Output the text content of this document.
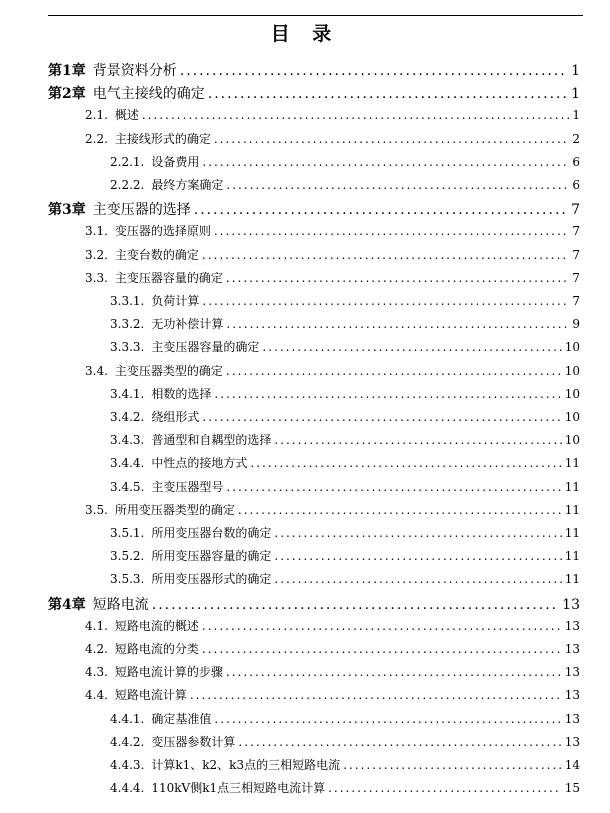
目 录
第1章 背景资料分析 .....	1
第2章 电气主接线的确定 .....	1
2.1. 概述 .....	1
2.2. 主接线形式的确定 .....	2
2.2.1. 设备费用 .....	6
2.2.2. 最终方案确定 .....	6
第3章 主变压器的选择 .....	7
3.1. 变压器的选择原则 .....	7
3.2. 主变台数的确定 .....	7
3.3. 主变压器容量的确定 .....	7
3.3.1. 负荷计算 .....	7
3.3.2. 无功补偿计算 .....	9
3.3.3. 主变压器容量的确定 .....	10
3.4. 主变压器类型的确定 .....	10
3.4.1. 相数的选择 .....	10
3.4.2. 绕组形式 .....	10
3.4.3. 普通型和自耦型的选择 .....	10
3.4.4. 中性点的接地方式 .....	11
3.4.5. 主变压器型号 .....	11
3.5. 所用变压器类型的确定 .....	11
3.5.1. 所用变压器台数的确定 .....	11
3.5.2. 所用变压器容量的确定 .....	11
3.5.3. 所用变压器形式的确定 .....	11
第4章 短路电流 .....	13
4.1. 短路电流的概述 .....	13
4.2. 短路电流的分类 .....	13
4.3. 短路电流计算的步骤 .....	13
4.4. 短路电流计算 .....	13
4.4.1. 确定基准值 .....	13
4.4.2. 变压器参数计算 .....	13
4.4.3. 计算k1、k2、k3点的三相短路电流 .....	14
4.4.4. 110kV侧k1点三相短路电流计算 .....	15
